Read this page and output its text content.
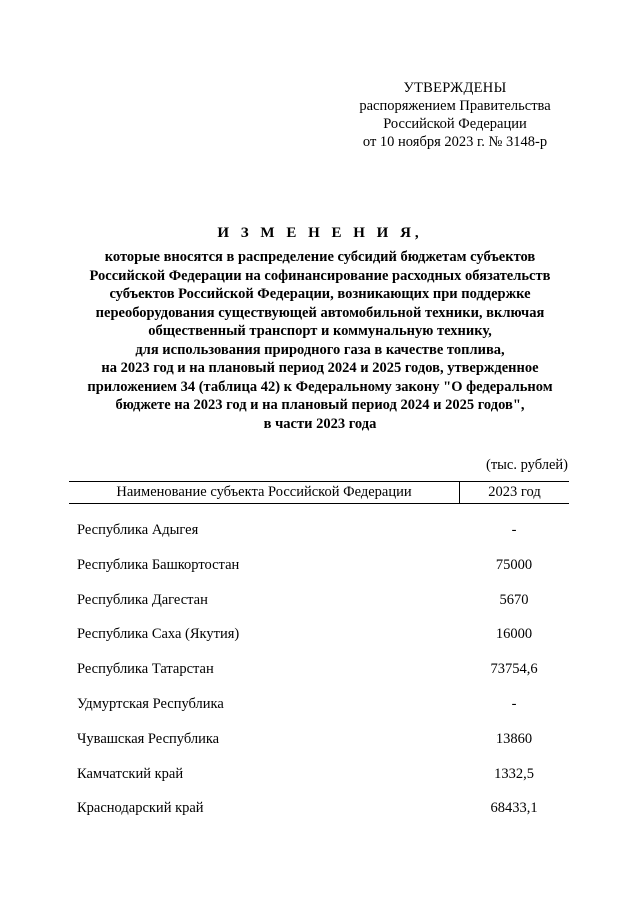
УТВЕРЖДЕНЫ
распоряжением Правительства
Российской Федерации
от 10 ноября 2023 г. № 3148-р
И З М Е Н Е Н И Я,
которые вносятся в распределение субсидий бюджетам субъектов
Российской Федерации на софинансирование расходных обязательств
субъектов Российской Федерации, возникающих при поддержке
переоборудования существующей автомобильной техники, включая
общественный транспорт и коммунальную технику,
для использования природного газа в качестве топлива,
на 2023 год и на плановый период 2024 и 2025 годов, утвержденное
приложением 34 (таблица 42) к Федеральному закону "О федеральном
бюджете на 2023 год и на плановый период 2024 и 2025 годов",
в части 2023 года
(тыс. рублей)
Наименование субъекта Российской Федерации	2023 год
Республика Адыгея	-
Республика Башкортостан	75000
Республика Дагестан	5670
Республика Саха (Якутия)	16000
Республика Татарстан	73754,6
Удмуртская Республика	-
Чувашская Республика	13860
Камчатский край	1332,5
Краснодарский край	68433,1
